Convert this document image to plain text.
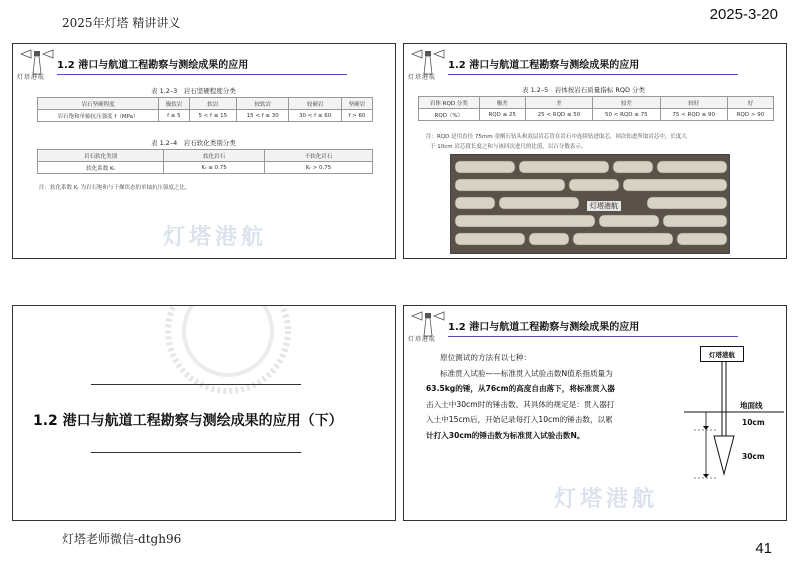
2025年灯塔 精讲讲义	2025-3-20
灯塔港航
1.2 港口与航道工程勘察与测绘成果的应用
表 1.2–3　岩石坚硬程度分类
岩石坚硬程度	极软岩	软岩	较软岩	较硬岩	坚硬岩
岩石饱和单轴抗压强度 f（MPa）	f ≤ 5	5 < f ≤ 15	15 < f ≤ 30	30 < f ≤ 60	f > 60
表 1.2–4　岩石软化类别分类
岩石软化类别	软化岩石	不软化岩石
软化系数 Kᵣ	Kᵣ ≤ 0.75	Kᵣ > 0.75
注：软化系数 Kᵣ 为岩石饱和与干燥状态的单轴抗压强度之比。
灯塔港航
灯塔港航
1.2 港口与航道工程勘察与测绘成果的应用
表 1.2–5　岩体按岩石质量指标 RQD 分类
岩体 RQD 分类	极差	差	较差	较好	好
RQD（%）	RQD ≤ 25	25 < RQD ≤ 50	50 < RQD ≤ 75	75 < RQD ≤ 90	RQD > 90
注：RQD 是用直径 75mm 金刚石钻头和双层岩芯管在岩石中连续钻进取芯，回次钻进所取岩芯中，长度大
于 10cm 岩芯段长度之和与该回次进尺的比值，以百分数表示。
灯塔港航
1.2 港口与航道工程勘察与测绘成果的应用（下）
灯塔港航
1.2 港口与航道工程勘察与测绘成果的应用

原位测试的方法有以七种：

标准贯入试验——标准贯入试验击数N值系指质量为

63.5kg的锤，从76cm的高度自由落下，将标准贯入器

击入土中30cm时的锤击数。其具体的规定是：贯入器打

入土中15cm后，开始记录每打入10cm的锤击数，以累

计打入30cm的锤击数为标准贯入试验击数N。

灯塔港航
地面线
10cm
30cm
灯塔港航
灯塔老师微信-dtgh96
41
